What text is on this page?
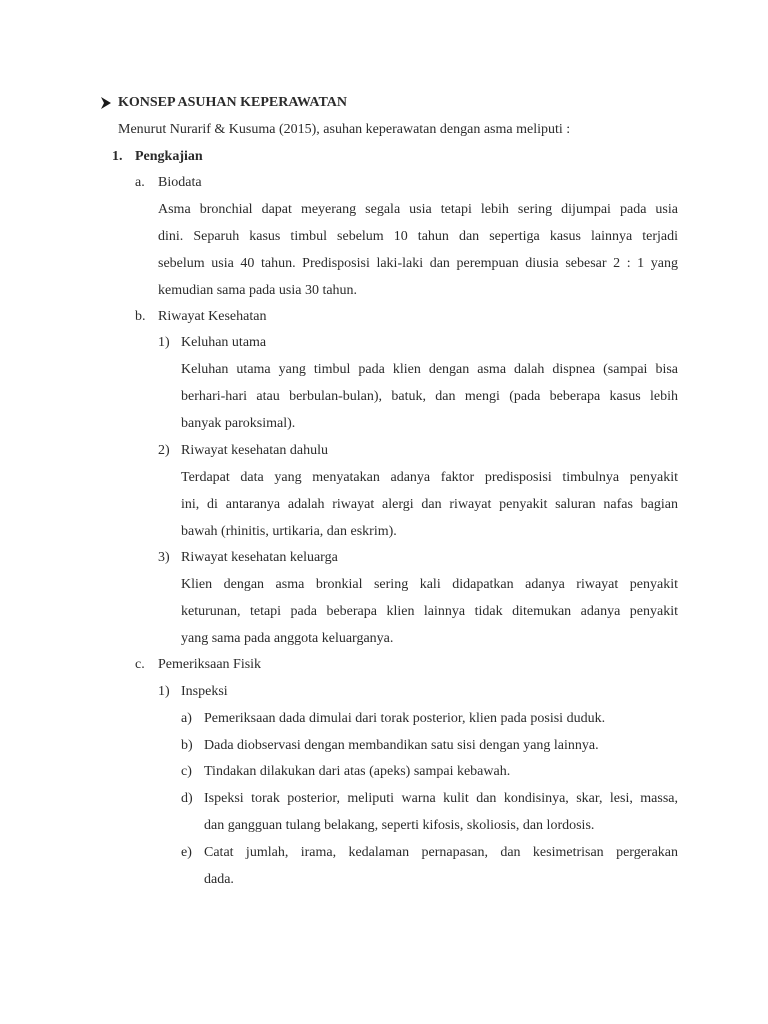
KONSEP ASUHAN KEPERAWATAN
Menurut Nurarif & Kusuma (2015), asuhan keperawatan dengan asma meliputi :
1. Pengkajian
a. Biodata
Asma bronchial dapat meyerang segala usia tetapi lebih sering dijumpai pada usia
dini. Separuh kasus timbul sebelum 10 tahun dan sepertiga kasus lainnya terjadi
sebelum usia 40 tahun. Predisposisi laki-laki dan perempuan diusia sebesar 2 : 1 yang
kemudian sama pada usia 30 tahun.
b. Riwayat Kesehatan
1) Keluhan utama
Keluhan utama yang timbul pada klien dengan asma dalah dispnea (sampai bisa
berhari-hari atau berbulan-bulan), batuk, dan mengi (pada beberapa kasus lebih
banyak paroksimal).
2) Riwayat kesehatan dahulu
Terdapat data yang menyatakan adanya faktor predisposisi timbulnya penyakit
ini, di antaranya adalah riwayat alergi dan riwayat penyakit saluran nafas bagian
bawah (rhinitis, urtikaria, dan eskrim).
3) Riwayat kesehatan keluarga
Klien dengan asma bronkial sering kali didapatkan adanya riwayat penyakit
keturunan, tetapi pada beberapa klien lainnya tidak ditemukan adanya penyakit
yang sama pada anggota keluarganya.
c. Pemeriksaan Fisik
1) Inspeksi
a) Pemeriksaan dada dimulai dari torak posterior, klien pada posisi duduk.
b) Dada diobservasi dengan membandikan satu sisi dengan yang lainnya.
c) Tindakan dilakukan dari atas (apeks) sampai kebawah.
d) Ispeksi torak posterior, meliputi warna kulit dan kondisinya, skar, lesi, massa,
dan gangguan tulang belakang, seperti kifosis, skoliosis, dan lordosis.
e) Catat jumlah, irama, kedalaman pernapasan, dan kesimetrisan pergerakan
dada.
